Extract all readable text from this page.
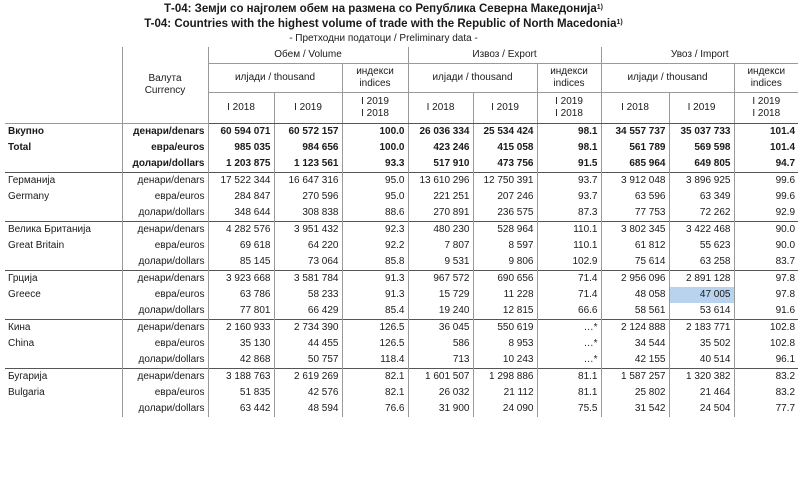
Т-04: Земји со најголем обем на размена со Република Северна Македонија$^{1)}$
T-04: Countries with the highest volume of trade with the Republic of North Macedonia$^{1)}$
- Претходни податоци / Preliminary data -
	Валута
Currency	Обем / Volume			Извоз / Export			Увоз / Import		
		илјади / thousand		индекси
indices	илјади / thousand		индекси
indices	илјади / thousand		индекси
indices
		I 2018	I 2019	I 2019
I 2018	I 2018	I 2019	I 2019
I 2018	I 2018	I 2019	I 2019
I 2018
Вкупно	денари/denars	60 594 071	60 572 157	100.0	26 036 334	25 534 424	98.1	34 557 737	35 037 733	101.4
Total	евра/euros	985 035	984 656	100.0	423 246	415 058	98.1	561 789	569 598	101.4
	долари/dollars	1 203 875	1 123 561	93.3	517 910	473 756	91.5	685 964	649 805	94.7
Германија	денари/denars	17 522 344	16 647 316	95.0	13 610 296	12 750 391	93.7	3 912 048	3 896 925	99.6
Germany	евра/euros	284 847	270 596	95.0	221 251	207 246	93.7	63 596	63 349	99.6
	долари/dollars	348 644	308 838	88.6	270 891	236 575	87.3	77 753	72 262	92.9
Велика Британија	денари/denars	4 282 576	3 951 432	92.3	480 230	528 964	110.1	3 802 345	3 422 468	90.0
Great Britain	евра/euros	69 618	64 220	92.2	7 807	8 597	110.1	61 812	55 623	90.0
	долари/dollars	85 145	73 064	85.8	9 531	9 806	102.9	75 614	63 258	83.7
Грција	денари/denars	3 923 668	3 581 784	91.3	967 572	690 656	71.4	2 956 096	2 891 128	97.8
Greece	евра/euros	63 786	58 233	91.3	15 729	11 228	71.4	48 058	47 005	97.8
	долари/dollars	77 801	66 429	85.4	19 240	12 815	66.6	58 561	53 614	91.6
Кина	денари/denars	2 160 933	2 734 390	126.5	36 045	550 619	…*	2 124 888	2 183 771	102.8
China	евра/euros	35 130	44 455	126.5	586	8 953	…*	34 544	35 502	102.8
	долари/dollars	42 868	50 757	118.4	713	10 243	…*	42 155	40 514	96.1
Бугарија	денари/denars	3 188 763	2 619 269	82.1	1 601 507	1 298 886	81.1	1 587 257	1 320 382	83.2
Bulgaria	евра/euros	51 835	42 576	82.1	26 032	21 112	81.1	25 802	21 464	83.2
	долари/dollars	63 442	48 594	76.6	31 900	24 090	75.5	31 542	24 504	77.7
